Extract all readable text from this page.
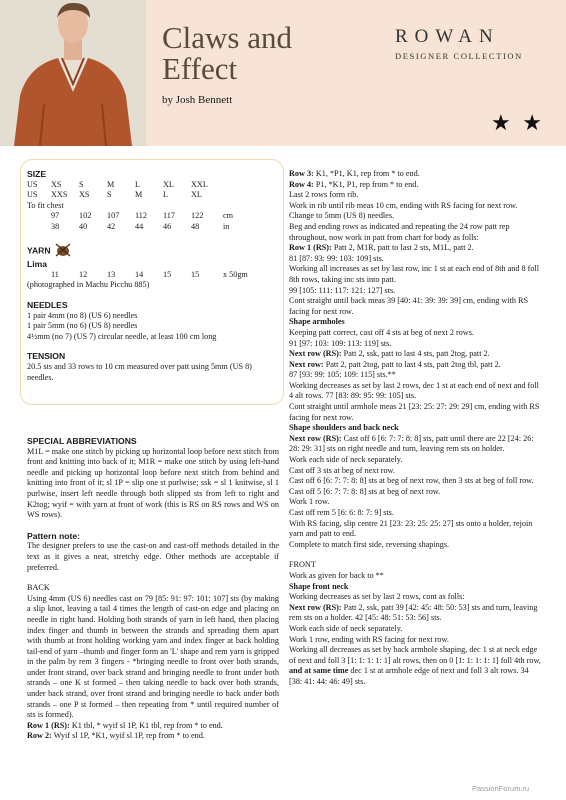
Claws and
Effect
by Josh Bennett
ROWAN
DESIGNER COLLECTION
★ ★

SIZE

US	XS	S	M	L	XL	XXL
US	XXS	XS	S	M	L	XL

To fit chest

97	102	107	112	117	122	cm
38	40	42	44	46	48	in

YARN

Lima

11	12	13	14	15	15	x 50gm

(photographed in Machu Picchu 885)

NEEDLES

1 pair 4mm (no 8) (US 6) needles

1 pair 5mm (no 6) (US 8) needles

4½mm (no 7) (US 7) circular needle, at least 100 cm long

TENSION

20.5 sts and 33 rows to 10 cm measured over patt using 5mm (US 8) needles.

SPECIAL ABBREVIATIONS

M1L = make one stitch by picking up horizontal loop before next stitch from front and knitting into back of it; M1R = make one stitch by using left-hand needle and picking up horizontal loop before next stitch from behind and knitting into front of it; sl 1P = slip one st purlwise; ssk = sl 1 knitwise, sl 1 purlwise, insert left needle through both slipped sts from left to right and K2tog; wyif = with yarn at front of work (this is RS on RS rows and WS on WS rows).

Pattern note:

The designer prefers to use the cast-on and cast-off methods detailed in the text as it gives a neat, stretchy edge. Other methods are acceptable if preferred.

BACK

Using 4mm (US 6) needles cast on 79 [85: 91: 97: 101: 107] sts (by making a slip knot, leaving a tail 4 times the length of cast-on edge and placing on needle in right hand. Holding both strands of yarn in left hand, then placing index finger and thumb in between the strands and spreading them apart with thumb at front holding working yarn and index finger at back holding tail-end of yarn –thumb and finger form an 'L' shape and rem yarn is gripped in the palm by rem 3 fingers - *bringing needle to front over both strands, under front strand, over back strand and bringing needle to front under both strands – one K st formed – then taking needle to back over both strands, under back strand, over front strand and bringing needle to back under both strands – one P st formed – then repeating from * until required number of sts is formed).

Row 1 (RS): K1 tbl, * wyif sl 1P, K1 tbl, rep from * to end.

Row 2: Wyif sl 1P, *K1, wyif sl 1P, rep from * to end.

Row 3: K1, *P1, K1, rep from * to end.

Row 4: P1, *K1, P1, rep from * to end.

Last 2 rows form rib.

Work in rib until rib meas 10 cm, ending with RS facing for next row.

Change to 5mm (US 8) needles.

Beg and ending rows as indicated and repeating the 24 row patt rep throughout, now work in patt from chart for body as folls:

Row 1 (RS): Patt 2, M1R, patt to last 2 sts, M1L, patt 2.

81 [87: 93: 99: 103: 109] sts.

Working all increases as set by last row, inc 1 st at each end of 8th and 8 foll 8th rows, taking inc sts into patt.

99 [105: 111: 117: 121: 127] sts.

Cont straight until back meas 39 [40: 41: 39: 39: 39] cm, ending with RS facing for next row.

Shape armholes

Keeping patt correct, cast off 4 sts at beg of next 2 rows.

91 [97: 103: 109: 113: 119] sts.

Next row (RS): Patt 2, ssk, patt to last 4 sts, patt 2tog, patt 2.

Next row: Patt 2, patt 2tog, patt to last 4 sts, patt 2tog tbl, patt 2.

87 [93: 99: 105: 109: 115] sts.**

Working decreases as set by last 2 rows, dec 1 st at each end of next and foll 4 alt rows. 77 [83: 89: 95: 99: 105] sts.

Cont straight until armhole meas 21 [23: 25: 27: 29: 29] cm, ending with RS facing for next row.

Shape shoulders and back neck

Next row (RS): Cast off 6 [6: 7: 7: 8: 8] sts, patt until there are 22 [24: 26: 28: 29: 31] sts on right needle and turn, leaving rem sts on holder.

Work each side of neck separately.

Cast off 3 sts at beg of next row.

Cast off 6 [6: 7: 7: 8: 8] sts at beg of next row, then 3 sts at beg of foll row.

Cast off 5 [6: 7: 7: 8: 8] sts at beg of next row.

Work 1 row.

Cast off rem 5 [6: 6: 8: 7: 9] sts.

With RS facing, slip centre 21 [23: 23: 25: 25: 27] sts onto a holder, rejoin yarn and patt to end.

Complete to match first side, reversing shapings.

FRONT

Work as given for back to **

Shape front neck

Working decreases as set by last 2 rows, cont as folls:

Next row (RS): Patt 2, ssk, patt 39 [42: 45: 48: 50: 53] sts and turn, leaving rem sts on a holder. 42 [45: 48: 51: 53: 56] sts.

Work each side of neck separately.

Work 1 row, ending with RS facing for next row.

Working all decreases as set by back armhole shaping, dec 1 st at neck edge of next and foll 3 [1: 1: 1: 1: 1] alt rows, then on 0 [1: 1: 1: 1: 1] foll 4th row, and at same time dec 1 st at armhole edge of next and foll 3 alt rows. 34 [38: 41: 44: 46: 49] sts.

PassionForum.ru
